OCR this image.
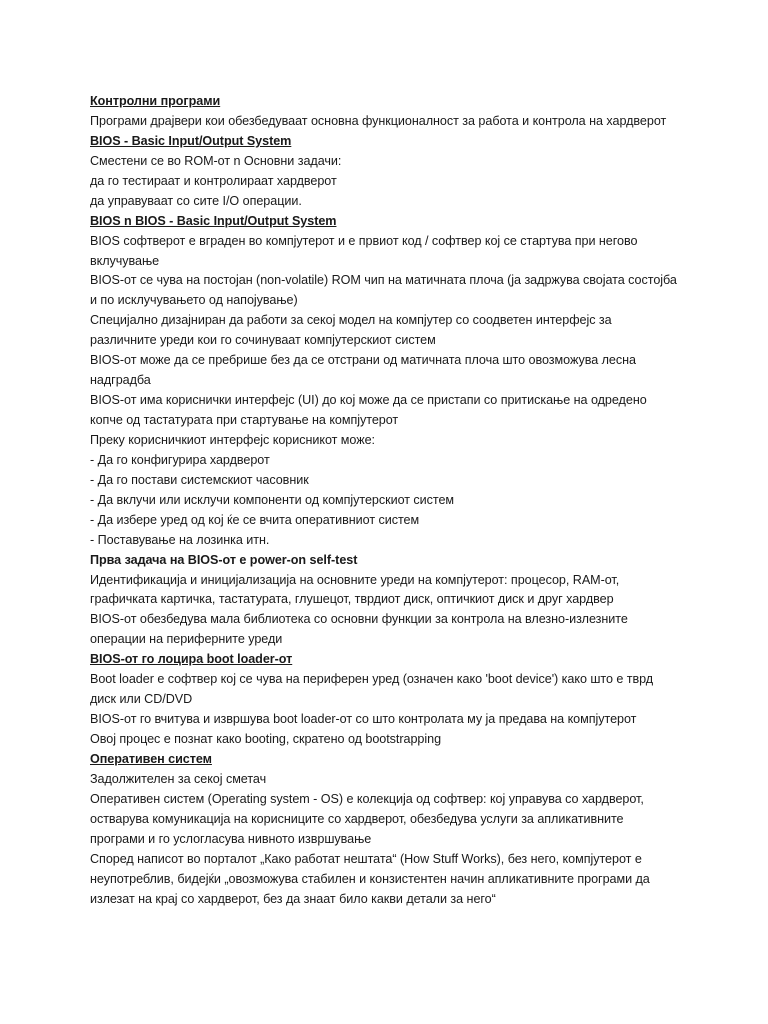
Контролни програми
Програми драјвери кои обезбедуваат основна функционалност за работа и контрола на хардверот
BIOS - Basic Input/Output System
Сместени се во ROM-от n Основни задачи:
да го тестираат и контролираат хардверот
да управуваат со сите I/O операции.
BIOS n BIOS - Basic Input/Output System
BIOS софтверот е вграден во компјутерот и е првиот код / софтвер кој се стартува при негово
вклучување
BIOS-от се чува на постојан (non-volatile) ROM чип на матичната плоча (ја задржува својата состојба
и по исклучувањето од напојување)
Специјално дизајниран да работи за секој модел на компјутер со соодветен интерфејс за
различните уреди кои го сочинуваат компјутерскиот систем
BIOS-от може да се пребрише без да се отстрани од матичната плоча што овозможува лесна
надградба
BIOS-от има кориснички интерфејс (UI) до кој може да се пристапи со притискање на одредено
копче од тастатурата при стартување на компјутерот
Преку корисничкиот интерфејс корисникот може:
- Да го конфигурира хардверот
- Да го постави системскиот часовник
- Да вклучи или исклучи компоненти од компјутерскиот систем
- Да избере уред од кој ќе се вчита оперативниот систем
- Поставување на лозинка итн.
Прва задача на BIOS-от е power-on self-test
Идентификација и иницијализација на основните уреди на компјутерот: процесор, RAM-от,
графичката картичка, тастатурата, глушецот, тврдиот диск, оптичкиот диск и друг хардвер
BIOS-от обезбедува мала библиотека со основни функции за контрола на влезно-излезните
операции на периферните уреди
BIOS-от го лоцира boot loader-от
Boot loader е софтвер кој се чува на периферен уред (означен како 'boot device') како што е тврд
диск или CD/DVD
BIOS-от го вчитува и извршува boot loader-от со што контролата му ја предава на компјутерот
Овој процес е познат како booting, скратено од bootstrapping
Оперативен систем
Задолжителен за секој сметач
Оперативен систем (Operating system - OS) е колекција од софтвер: кој управува со хардверот,
остварува комуникација на корисниците со хардверот, обезбедува услуги за апликативните
програми и го услогласува нивното извршување
Според написот во порталот „Како работат нештата“ (How Stuff Works), без него, компјутерот е
неупотреблив, бидејќи „овозможува стабилен и конзистентен начин апликативните програми да
излезат на крај со хардверот, без да знаат било какви детали за него“
